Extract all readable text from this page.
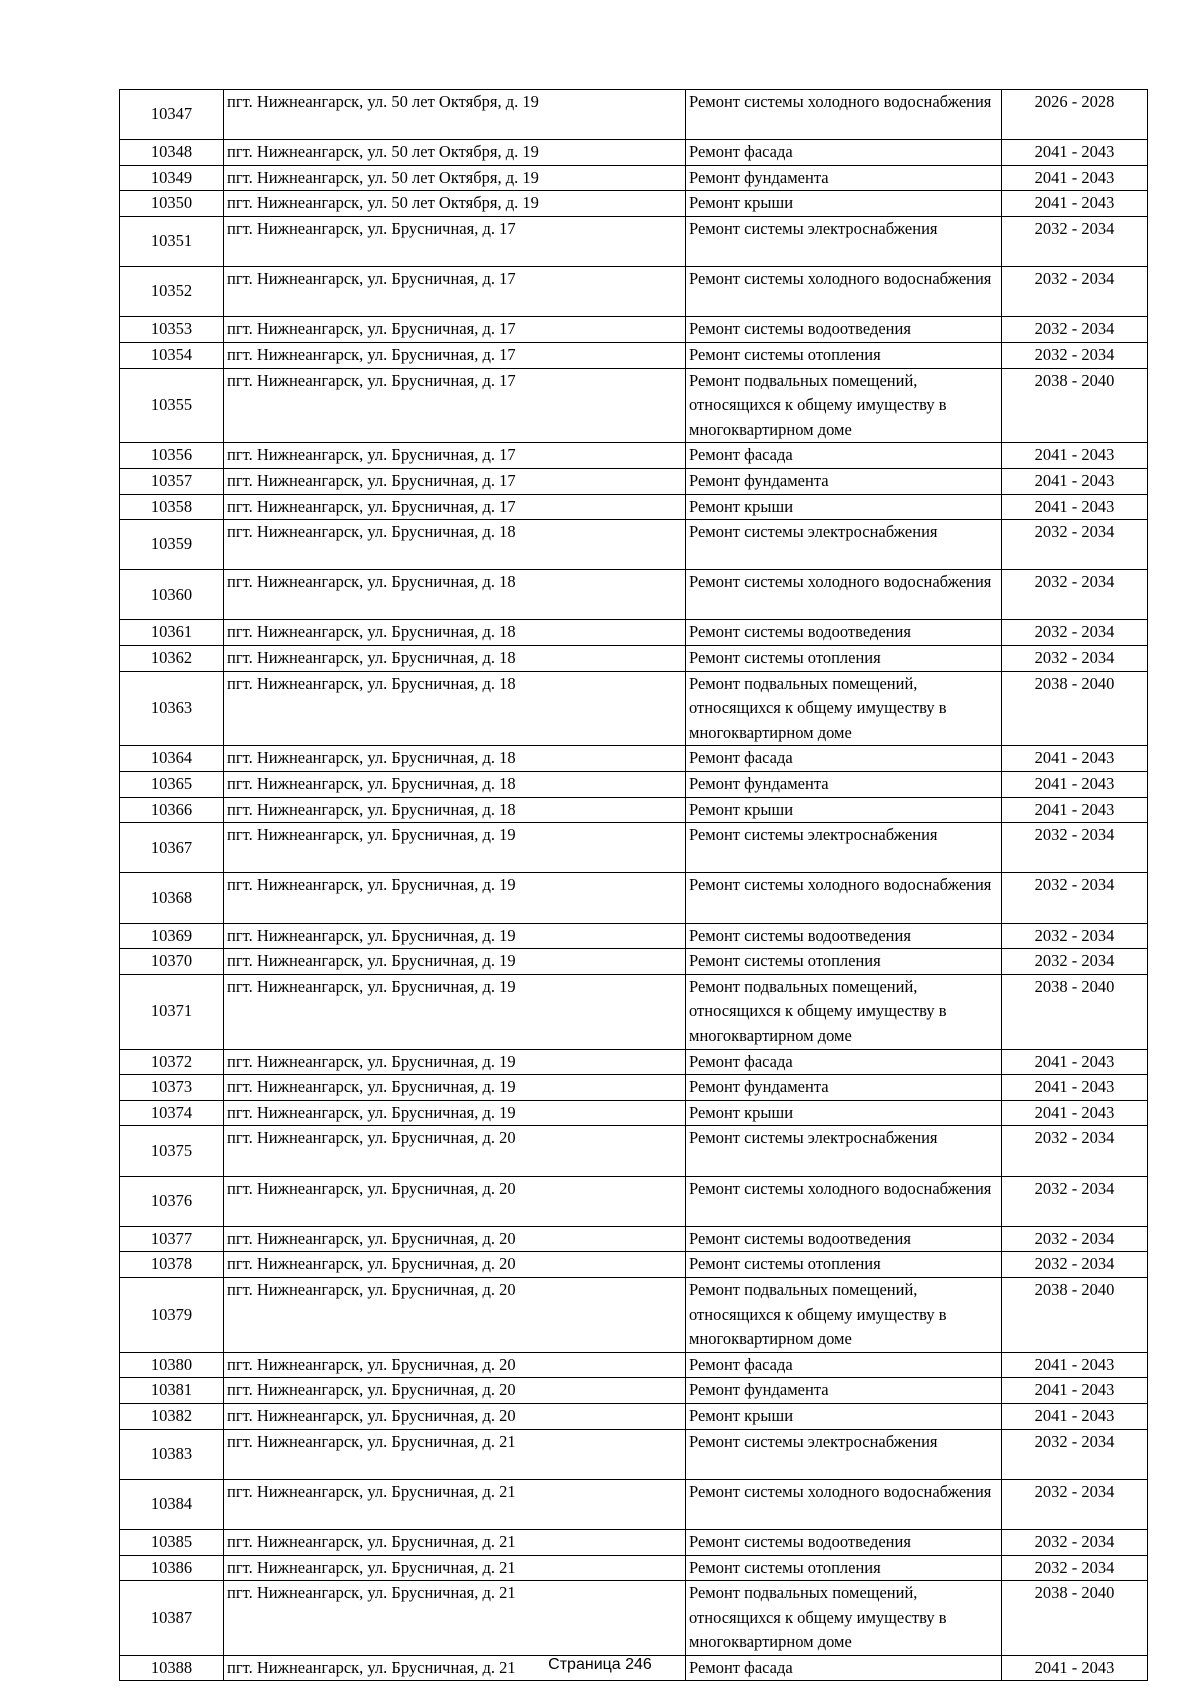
10347	пгт. Нижнеангарск, ул. 50 лет Октября, д. 19	Ремонт системы холодного водоснабжения	2026 - 2028
10348	пгт. Нижнеангарск, ул. 50 лет Октября, д. 19	Ремонт фасада	2041 - 2043
10349	пгт. Нижнеангарск, ул. 50 лет Октября, д. 19	Ремонт фундамента	2041 - 2043
10350	пгт. Нижнеангарск, ул. 50 лет Октября, д. 19	Ремонт крыши	2041 - 2043
10351	пгт. Нижнеангарск, ул. Брусничная, д. 17	Ремонт системы электроснабжения	2032 - 2034
10352	пгт. Нижнеангарск, ул. Брусничная, д. 17	Ремонт системы холодного водоснабжения	2032 - 2034
10353	пгт. Нижнеангарск, ул. Брусничная, д. 17	Ремонт системы водоотведения	2032 - 2034
10354	пгт. Нижнеангарск, ул. Брусничная, д. 17	Ремонт системы отопления	2032 - 2034
10355	пгт. Нижнеангарск, ул. Брусничная, д. 17	Ремонт подвальных помещений, относящихся к общему имуществу в многоквартирном доме	2038 - 2040
10356	пгт. Нижнеангарск, ул. Брусничная, д. 17	Ремонт фасада	2041 - 2043
10357	пгт. Нижнеангарск, ул. Брусничная, д. 17	Ремонт фундамента	2041 - 2043
10358	пгт. Нижнеангарск, ул. Брусничная, д. 17	Ремонт крыши	2041 - 2043
10359	пгт. Нижнеангарск, ул. Брусничная, д. 18	Ремонт системы электроснабжения	2032 - 2034
10360	пгт. Нижнеангарск, ул. Брусничная, д. 18	Ремонт системы холодного водоснабжения	2032 - 2034
10361	пгт. Нижнеангарск, ул. Брусничная, д. 18	Ремонт системы водоотведения	2032 - 2034
10362	пгт. Нижнеангарск, ул. Брусничная, д. 18	Ремонт системы отопления	2032 - 2034
10363	пгт. Нижнеангарск, ул. Брусничная, д. 18	Ремонт подвальных помещений, относящихся к общему имуществу в многоквартирном доме	2038 - 2040
10364	пгт. Нижнеангарск, ул. Брусничная, д. 18	Ремонт фасада	2041 - 2043
10365	пгт. Нижнеангарск, ул. Брусничная, д. 18	Ремонт фундамента	2041 - 2043
10366	пгт. Нижнеангарск, ул. Брусничная, д. 18	Ремонт крыши	2041 - 2043
10367	пгт. Нижнеангарск, ул. Брусничная, д. 19	Ремонт системы электроснабжения	2032 - 2034
10368	пгт. Нижнеангарск, ул. Брусничная, д. 19	Ремонт системы холодного водоснабжения	2032 - 2034
10369	пгт. Нижнеангарск, ул. Брусничная, д. 19	Ремонт системы водоотведения	2032 - 2034
10370	пгт. Нижнеангарск, ул. Брусничная, д. 19	Ремонт системы отопления	2032 - 2034
10371	пгт. Нижнеангарск, ул. Брусничная, д. 19	Ремонт подвальных помещений, относящихся к общему имуществу в многоквартирном доме	2038 - 2040
10372	пгт. Нижнеангарск, ул. Брусничная, д. 19	Ремонт фасада	2041 - 2043
10373	пгт. Нижнеангарск, ул. Брусничная, д. 19	Ремонт фундамента	2041 - 2043
10374	пгт. Нижнеангарск, ул. Брусничная, д. 19	Ремонт крыши	2041 - 2043
10375	пгт. Нижнеангарск, ул. Брусничная, д. 20	Ремонт системы электроснабжения	2032 - 2034
10376	пгт. Нижнеангарск, ул. Брусничная, д. 20	Ремонт системы холодного водоснабжения	2032 - 2034
10377	пгт. Нижнеангарск, ул. Брусничная, д. 20	Ремонт системы водоотведения	2032 - 2034
10378	пгт. Нижнеангарск, ул. Брусничная, д. 20	Ремонт системы отопления	2032 - 2034
10379	пгт. Нижнеангарск, ул. Брусничная, д. 20	Ремонт подвальных помещений, относящихся к общему имуществу в многоквартирном доме	2038 - 2040
10380	пгт. Нижнеангарск, ул. Брусничная, д. 20	Ремонт фасада	2041 - 2043
10381	пгт. Нижнеангарск, ул. Брусничная, д. 20	Ремонт фундамента	2041 - 2043
10382	пгт. Нижнеангарск, ул. Брусничная, д. 20	Ремонт крыши	2041 - 2043
10383	пгт. Нижнеангарск, ул. Брусничная, д. 21	Ремонт системы электроснабжения	2032 - 2034
10384	пгт. Нижнеангарск, ул. Брусничная, д. 21	Ремонт системы холодного водоснабжения	2032 - 2034
10385	пгт. Нижнеангарск, ул. Брусничная, д. 21	Ремонт системы водоотведения	2032 - 2034
10386	пгт. Нижнеангарск, ул. Брусничная, д. 21	Ремонт системы отопления	2032 - 2034
10387	пгт. Нижнеангарск, ул. Брусничная, д. 21	Ремонт подвальных помещений, относящихся к общему имуществу в многоквартирном доме	2038 - 2040
10388	пгт. Нижнеангарск, ул. Брусничная, д. 21	Ремонт фасада	2041 - 2043
Страница 246
